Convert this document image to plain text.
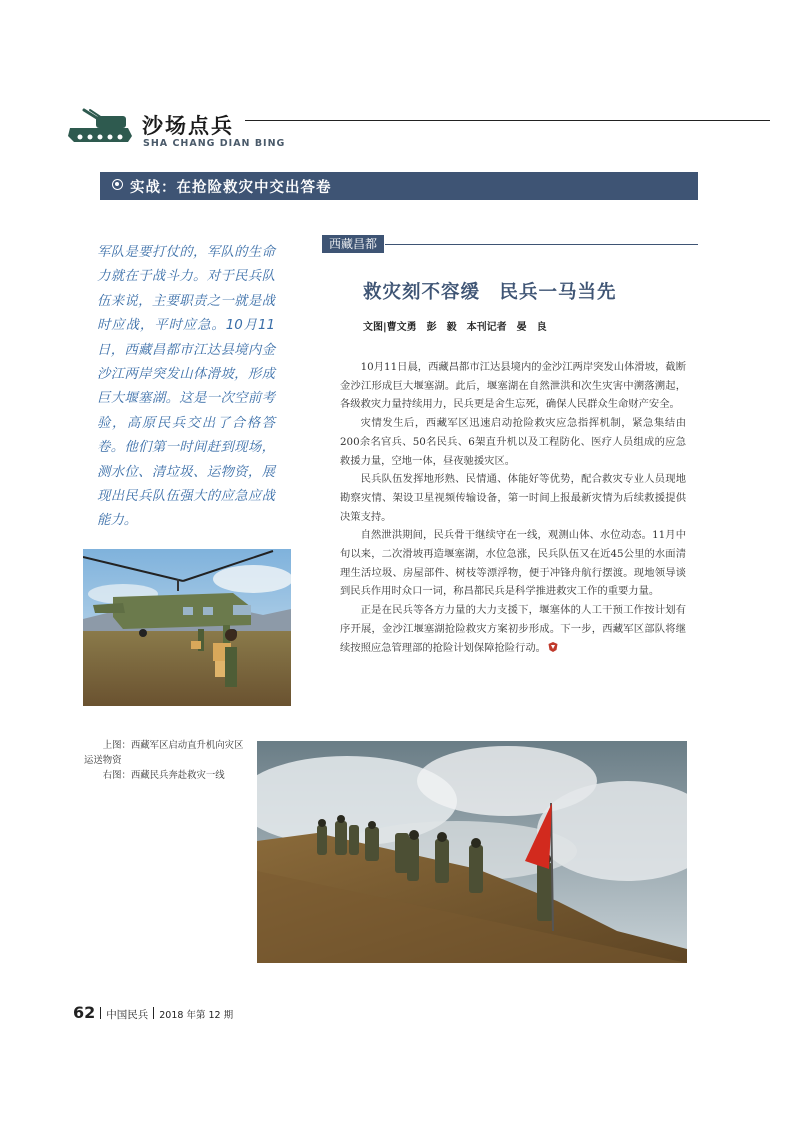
沙场点兵
SHA CHANG DIAN BING
实战：在抢险救灾中交出答卷
军队是要打仗的，军队的生命力就在于战斗力。对于民兵队伍来说，主要职责之一就是战时应战，平时应急。10月11日，西藏昌都市江达县境内金沙江两岸突发山体滑坡，形成巨大堰塞湖。这是一次空前考验，高原民兵交出了合格答卷。他们第一时间赶到现场，测水位、清垃圾、运物资，展现出民兵队伍强大的应急应战能力。
西藏昌都
救灾刻不容缓　民兵一马当先
文图|曹文勇　彭　毅　本刊记者　晏　良

10月11日晨，西藏昌都市江达县境内的金沙江两岸突发山体滑坡，截断金沙江形成巨大堰塞湖。此后，堰塞湖在自然泄洪和次生灾害中溯落溯起，各级救灾力量持续用力，民兵更是舍生忘死，确保人民群众生命财产安全。

灾情发生后，西藏军区迅速启动抢险救灾应急指挥机制，紧急集结由200余名官兵、50名民兵、6架直升机以及工程防化、医疗人员组成的应急救援力量，空地一体，昼夜驰援灾区。

民兵队伍发挥地形熟、民情通、体能好等优势，配合救灾专业人员现地勘察灾情、架设卫星视频传输设备，第一时间上报最新灾情为后续救援提供决策支持。

自然泄洪期间，民兵骨干继续守在一线，观测山体、水位动态。11月中旬以来，二次滑坡再造堰塞湖，水位急涨，民兵队伍又在近45公里的水面清理生活垃圾、房屋部件、树枝等漂浮物，便于冲锋舟航行摆渡。现地领导谈到民兵作用时众口一词，称昌都民兵是科学推进救灾工作的重要力量。

正是在民兵等各方力量的大力支援下，堰塞体的人工干预工作按计划有序开展，金沙江堰塞湖抢险救灾方案初步形成。下一步，西藏军区部队将继续按照应急管理部的抢险计划保障抢险行动。

上图：西藏军区启动直升机向灾区运送物资

右图：西藏民兵奔赴救灾一线

62 中国民兵 2018 年第 12 期
